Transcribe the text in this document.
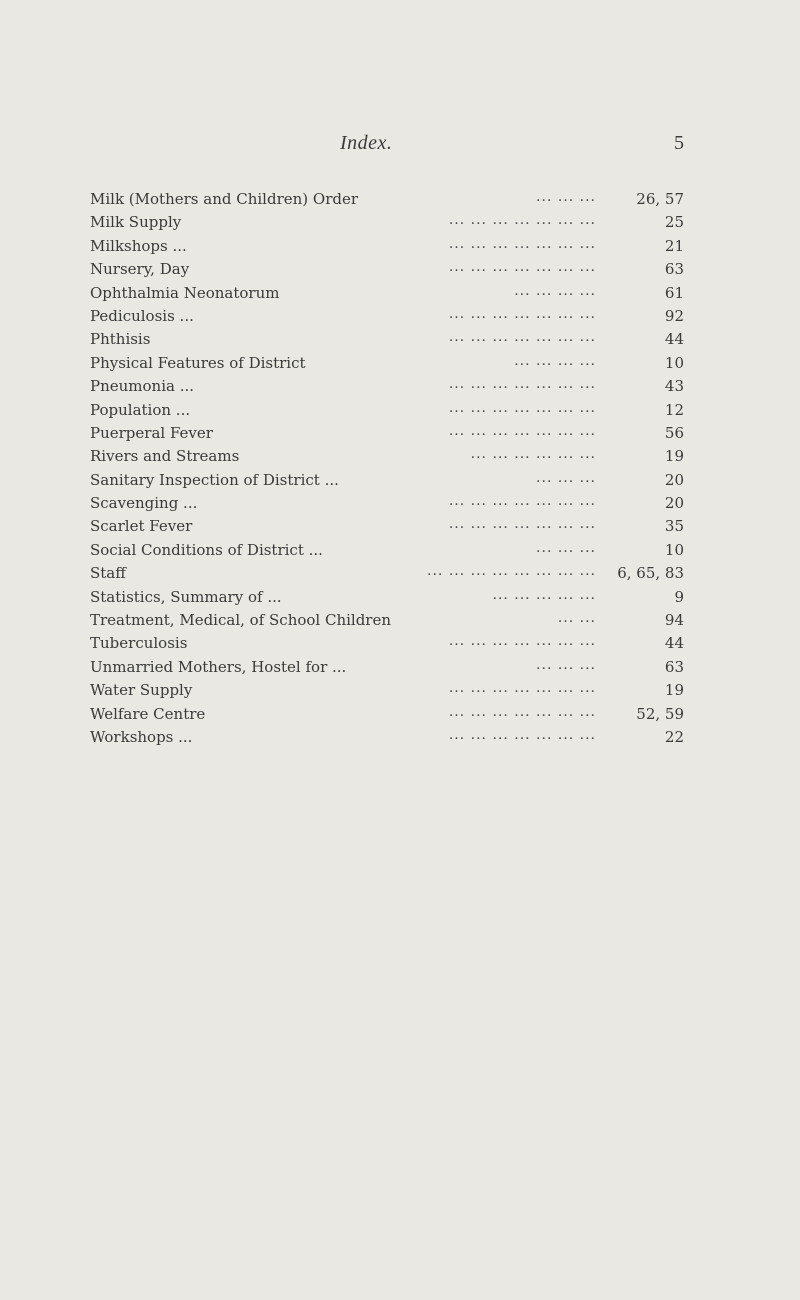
Index.	5
Milk (Mothers and Children) Order	... ... ...	26, 57
Milk Supply	... ... ... ... ... ... ...	25
Milkshops ...	... ... ... ... ... ... ...	21
Nursery, Day	... ... ... ... ... ... ...	63
Ophthalmia Neonatorum	... ... ... ...	61
Pediculosis ...	... ... ... ... ... ... ...	92
Phthisis	... ... ... ... ... ... ...	44
Physical Features of District	... ... ... ...	10
Pneumonia ...	... ... ... ... ... ... ...	43
Population ...	... ... ... ... ... ... ...	12
Puerperal Fever	... ... ... ... ... ... ...	56
Rivers and Streams	... ... ... ... ... ...	19
Sanitary Inspection of District ...	... ... ...	20
Scavenging ...	... ... ... ... ... ... ...	20
Scarlet Fever	... ... ... ... ... ... ...	35
Social Conditions of District ...	... ... ...	10
Staff	... ... ... ... ... ... ... ... 6, 65, 83
Statistics, Summary of ...	... ... ... ... ...	9
Treatment, Medical, of School Children	... ...	94
Tuberculosis	... ... ... ... ... ... ...	44
Unmarried Mothers, Hostel for ...	... ... ...	63
Water Supply	... ... ... ... ... ... ...	19
Welfare Centre	... ... ... ... ... ... ...	52, 59
Workshops ...	... ... ... ... ... ... ...	22
